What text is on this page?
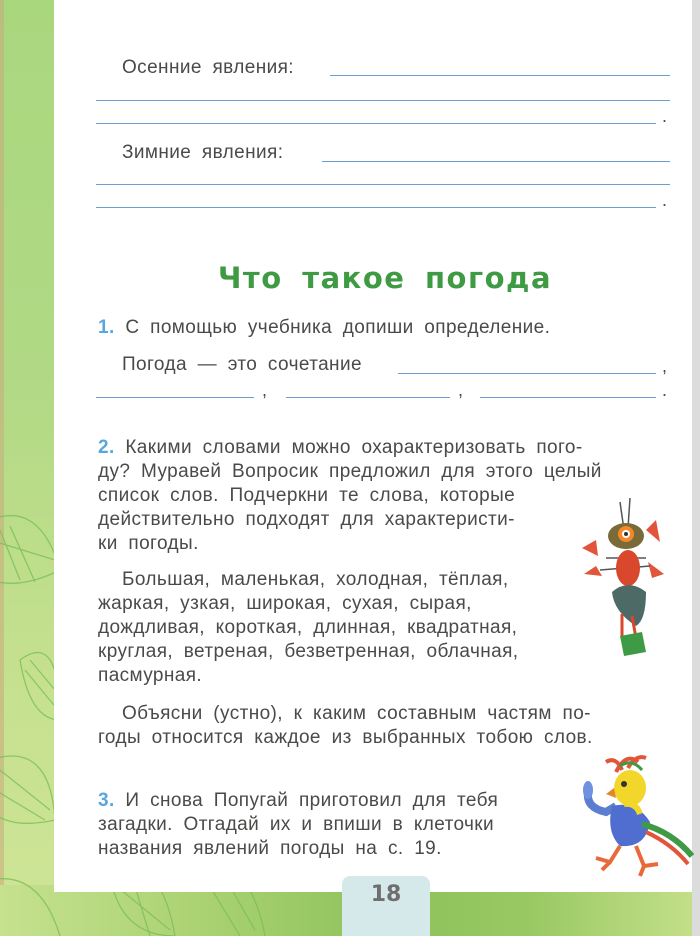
Осенние явления:
.
Зимние явления:
.
Что такое погода
1. С помощью учебника допиши определение.
Погода — это сочетание	,
,	,	.
2. Какими словами можно охарактеризовать пого-
ду? Муравей Вопросик предложил для этого целый
список слов. Подчеркни те слова, которые
действительно подходят для характеристи-
ки погоды.
Большая, маленькая, холодная, тёплая,
жаркая, узкая, широкая, сухая, сырая,
дождливая, короткая, длинная, квадратная,
круглая, ветреная, безветренная, облачная,
пасмурная.
Объясни (устно), к каким составным частям по-
годы относится каждое из выбранных тобою слов.
3. И снова Попугай приготовил для тебя
загадки. Отгадай их и впиши в клеточки
названия явлений погоды на с. 19.
18
